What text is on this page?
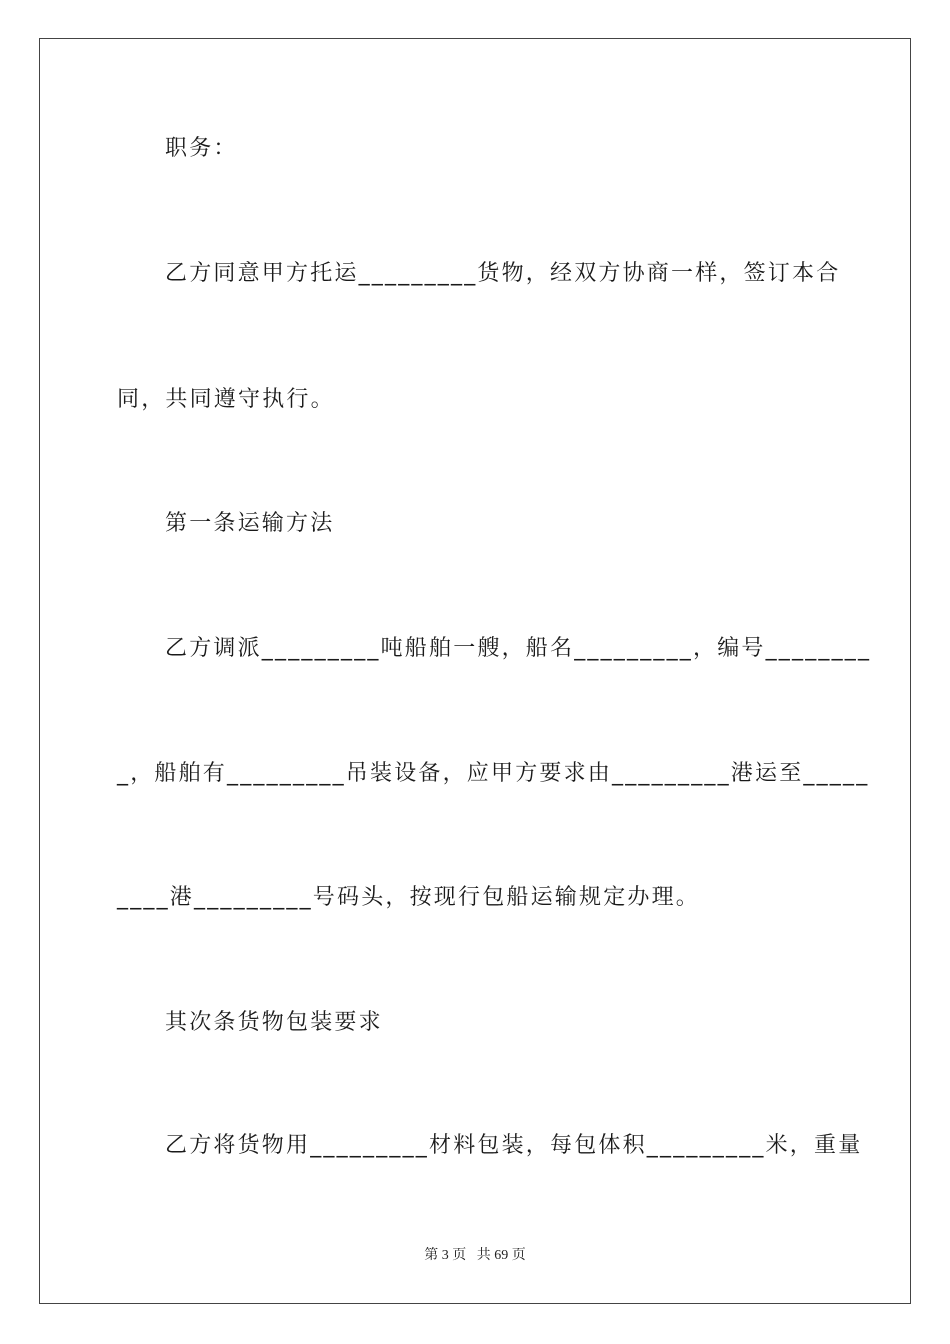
职务：
乙方同意甲方托运_________货物，经双方协商一样，签订本合
同，共同遵守执行。
第一条运输方法
乙方调派_________吨船舶一艘，船名_________，编号________
_，船舶有_________吊装设备，应甲方要求由_________港运至_____
____港_________号码头，按现行包船运输规定办理。
其次条货物包装要求
乙方将货物用_________材料包装，每包体积_________米，重量
第 3 页   共 69 页
